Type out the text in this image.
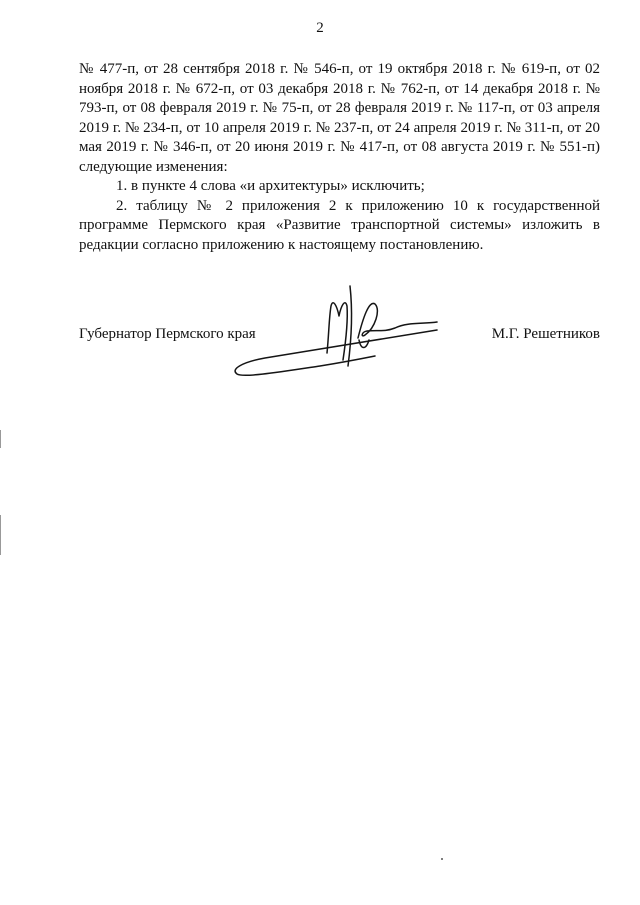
2

№ 477-п, от 28 сентября 2018 г. № 546-п, от 19 октября 2018 г. № 619-п, от 02 ноября 2018 г. № 672-п, от 03 декабря 2018 г. № 762-п, от 14 декабря 2018 г. № 793-п, от 08 февраля 2019 г. № 75-п, от 28 февраля 2019 г. № 117-п, от 03 апреля 2019 г. № 234-п, от 10 апреля 2019 г. № 237-п, от 24 апреля 2019 г. № 311-п, от 20 мая 2019 г. № 346-п, от 20 июня 2019 г. № 417-п, от 08 августа 2019 г. № 551-п) следующие изменения:

1. в пункте 4 слова «и архитектуры» исключить;

2. таблицу № 2 приложения 2 к приложению 10 к государственной программе Пермского края «Развитие транспортной системы» изложить в редакции согласно приложению к настоящему постановлению.

Губернатор Пермского края	М.Г. Решетников
